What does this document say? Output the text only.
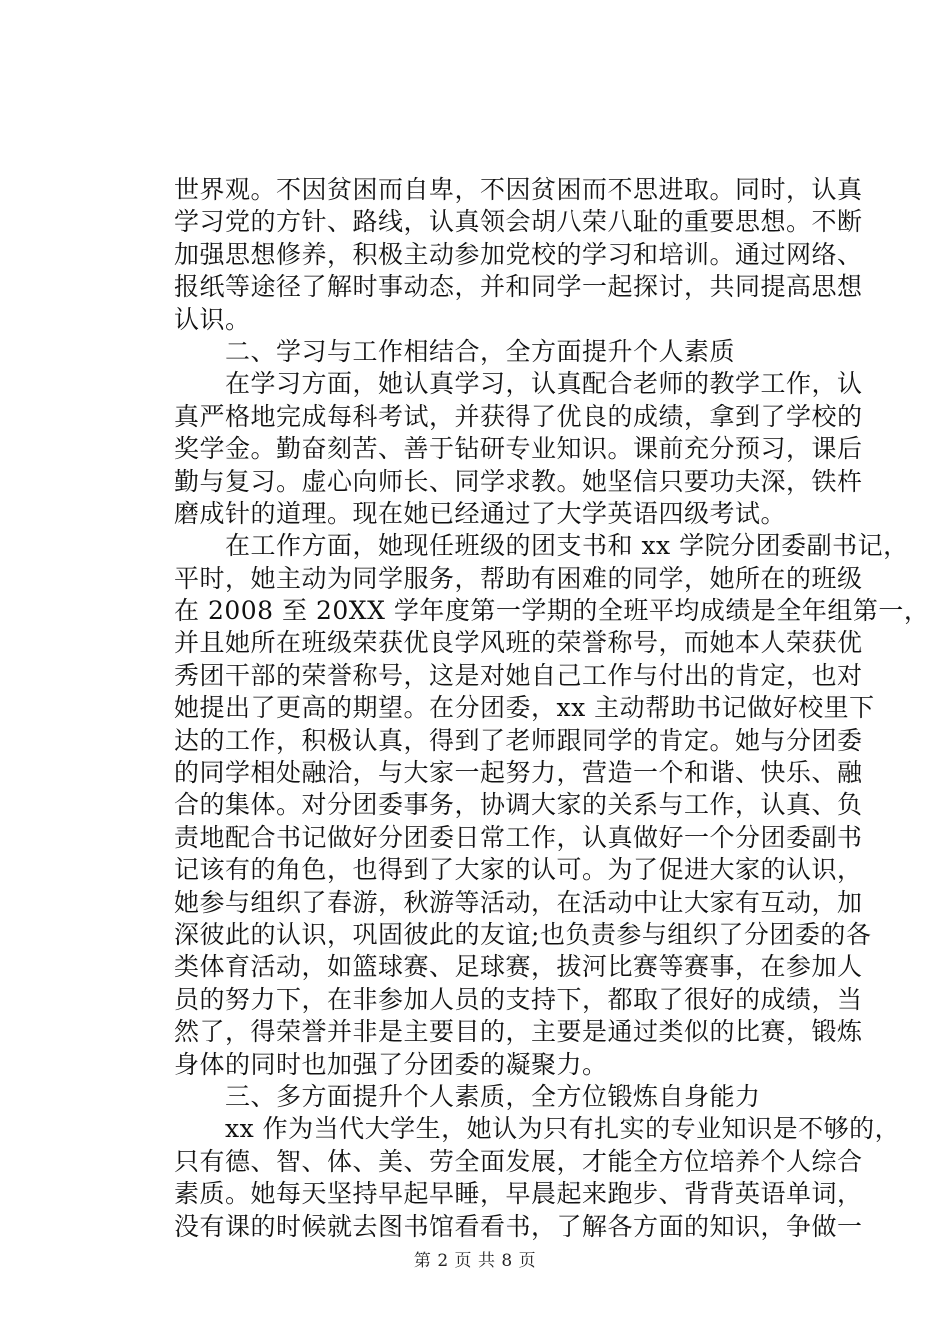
世界观。不因贫困而自卑，不因贫困而不思进取。同时，认真
学习党的方针、路线，认真领会胡八荣八耻的重要思想。不断
加强思想修养，积极主动参加党校的学习和培训。通过网络、
报纸等途径了解时事动态，并和同学一起探讨，共同提高思想
认识。
　　二、学习与工作相结合，全方面提升个人素质
　　在学习方面，她认真学习，认真配合老师的教学工作，认
真严格地完成每科考试，并获得了优良的成绩，拿到了学校的
奖学金。勤奋刻苦、善于钻研专业知识。课前充分预习，课后
勤与复习。虚心向师长、同学求教。她坚信只要功夫深，铁杵
磨成针的道理。现在她已经通过了大学英语四级考试。
　　在工作方面，她现任班级的团支书和 xx 学院分团委副书记，
平时，她主动为同学服务，帮助有困难的同学，她所在的班级
在 2008 至 20XX 学年度第一学期的全班平均成绩是全年组第一，
并且她所在班级荣获优良学风班的荣誉称号，而她本人荣获优
秀团干部的荣誉称号，这是对她自己工作与付出的肯定，也对
她提出了更高的期望。在分团委，xx 主动帮助书记做好校里下
达的工作，积极认真，得到了老师跟同学的肯定。她与分团委
的同学相处融洽，与大家一起努力，营造一个和谐、快乐、融
合的集体。对分团委事务，协调大家的关系与工作，认真、负
责地配合书记做好分团委日常工作，认真做好一个分团委副书
记该有的角色，也得到了大家的认可。为了促进大家的认识，
她参与组织了春游，秋游等活动，在活动中让大家有互动，加
深彼此的认识，巩固彼此的友谊;也负责参与组织了分团委的各
类体育活动，如篮球赛、足球赛，拔河比赛等赛事，在参加人
员的努力下，在非参加人员的支持下，都取了很好的成绩，当
然了，得荣誉并非是主要目的，主要是通过类似的比赛，锻炼
身体的同时也加强了分团委的凝聚力。
　　三、多方面提升个人素质，全方位锻炼自身能力
　　xx 作为当代大学生，她认为只有扎实的专业知识是不够的，
只有德、智、体、美、劳全面发展，才能全方位培养个人综合
素质。她每天坚持早起早睡，早晨起来跑步、背背英语单词，
没有课的时候就去图书馆看看书，了解各方面的知识，争做一
第 2 页 共 8 页
